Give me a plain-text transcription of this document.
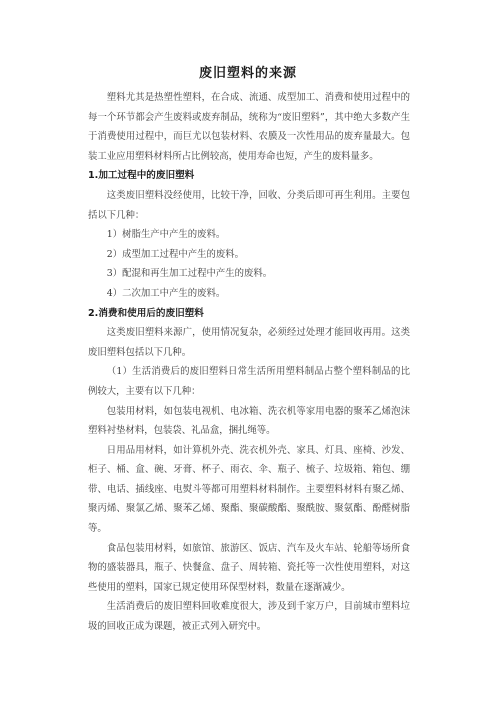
废旧塑料的来源

塑料尤其是热塑性塑料，在合成、流通、成型加工、消费和使用过程中的每一个环节都会产生废料或废弃制品，统称为“废旧塑料”，其中绝大多数产生于消费使用过程中，而巨尤以包装材料、农膜及一次性用品的废弃量最大。包装工业应用塑料材料所占比例较高，使用寿命也短，产生的废料量多。

1.加工过程中的废旧塑料

这类废旧塑料没经使用，比较干净，回收、分类后即可再生利用。主要包括以下几种：

1）树脂生产中产生的废料。

2）成型加工过程中产生的废料。

3）配混和再生加工过程中产生的废料。

4）二次加工中产生的废料。

2.消费和使用后的废旧塑料

这类废旧塑料来源广，使用情况复杂，必须经过处理才能回收再用。这类废旧塑料包括以下几种。

（1）生活消费后的废旧塑料日常生活所用塑料制品占整个塑料制品的比例较大，主要有以下几种：

包装用材料，如包装电视机、电冰箱、洗衣机等家用电器的聚苯乙烯泡沫塑料衬垫材料，包装袋、礼品盒，捆扎绳等。

日用品用材料，如计算机外壳、洗衣机外壳、家具、灯具、座椅、沙发、柜子、桶、盒、碗、牙膏、杯子、雨衣、伞、瓶子、梳子、垃圾箱、箱包、绷带、电话、插线座、电熨斗等都可用塑料材料制作。主要塑料材料有聚乙烯、聚丙烯、聚氯乙烯、聚苯乙烯、聚酯、聚碳酸酯、聚酰胺、聚氨酯、酚醛树脂等。

食品包装用材料，如旅馆、旅游区、饭店、汽车及火车站、轮船等场所食物的盛装器具，瓶子、快餐盒、盘子、周转箱、瓷托等一次性使用塑料，对这些使用的塑料，国家已规定使用环保型材料，数量在逐渐减少。

生活消费后的废旧塑料回收难度很大，涉及到千家万户，目前城市塑料垃圾的回收正成为课题，被正式列入研究中。
